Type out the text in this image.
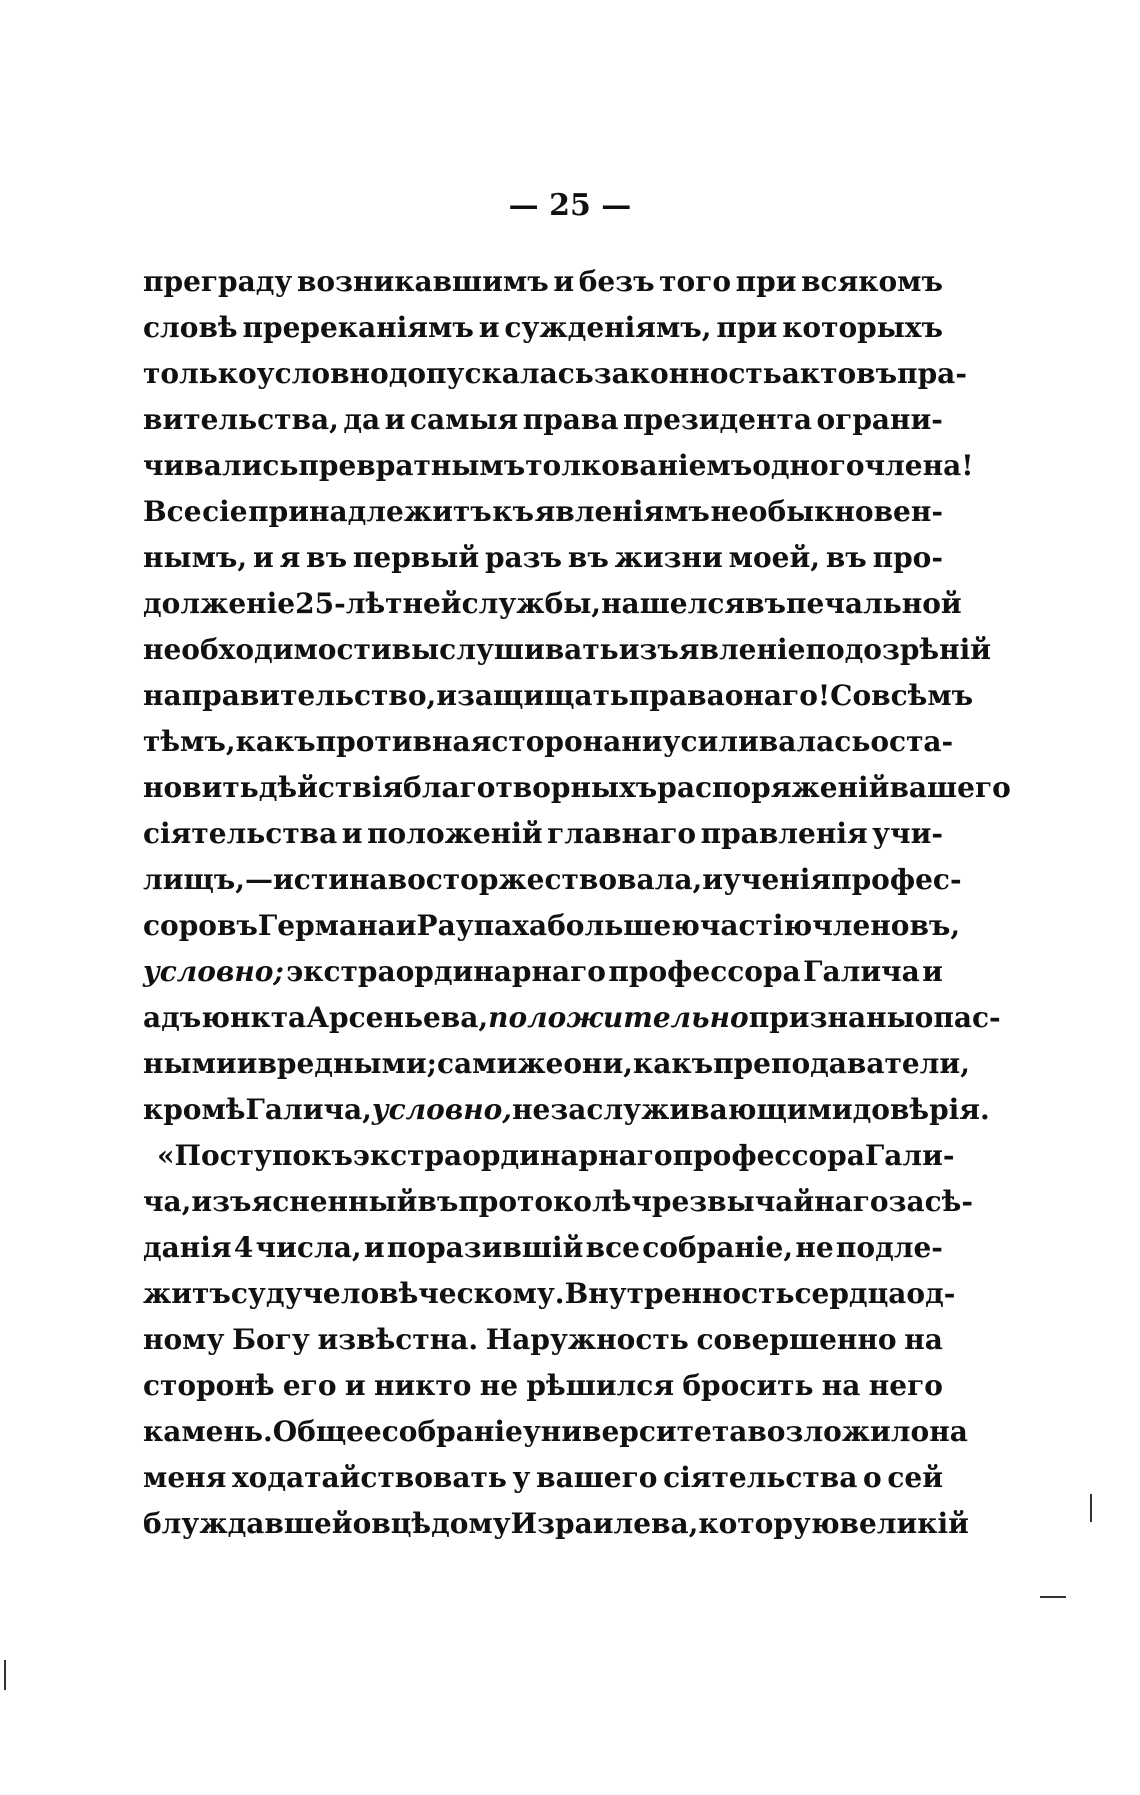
— 25 —
преграду возникавшимъ и безъ того при всякомъ
словѣ пререканіямъ и сужденіямъ, при которыхъ
только условно допускалась законность актовъ пра-
вительства, да и самыя права президента ограни-
чивались превратнымъ толкованіемъ одного члена!
Все сіе принадлежитъ къ явленіямъ необыкновен-
нымъ, и я въ первый разъ въ жизни моей, въ про-
долженіе 25-лѣтней службы, нашелся въ печальной
необходимости выслушивать изъявленіе подозрѣній
на правительство, и защищать права онаго! Со всѣмъ
тѣмъ, какъ противная сторона ни усиливалась оста-
новить дѣйствія благотворныхъ распоряженій вашего
сіятельства и положеній главнаго правленія учи-
лищъ,—истина восторжествовала, и ученія профес-
соровъ Германа и Раупаха большею частію членовъ,
условно; экстраординарнаго профессора Галича и
адъюнкта Арсеньева, положительно признаны опас-
ными и вредными; сами же они, какъ преподаватели,
кромѣ Галича, условно, незаслуживающими довѣрія.
«Поступокъ экстраординарнаго профессора Гали-
ча, изъясненный въ протоколѣ чрезвычайнаго засѣ-
данія 4 числа, и поразившій все собраніе, не подле-
житъ суду человѣческому. Внутренность сердца од-
ному Богу извѣстна. Наружность совершенно на
сторонѣ его и никто не рѣшился бросить на него
камень. Общее собраніе университета возложило на
меня ходатайствовать у вашего сіятельства о сей
блуждавшей овцѣ дому Израилева, которую великій
